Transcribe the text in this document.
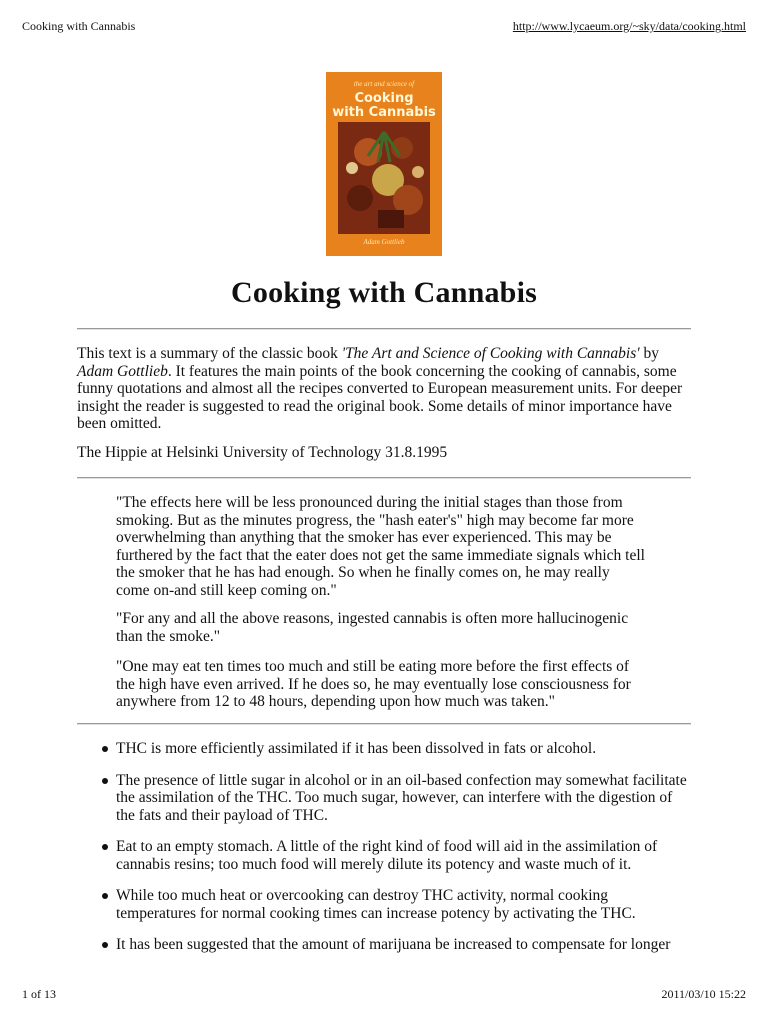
Cooking with Cannabis	http://www.lycaeum.org/~sky/data/cooking.html
the art and science of
Cooking
with Cannabis
Adam Gottlieb
Cooking with Cannabis

This text is a summary of the classic book 'The Art and Science of Cooking with Cannabis' by Adam Gottlieb. It features the main points of the book concerning the cooking of cannabis, some funny quotations and almost all the recipes converted to European measurement units. For deeper insight the reader is suggested to read the original book. Some details of minor importance have been omitted.

The Hippie at Helsinki University of Technology 31.8.1995

"The effects here will be less pronounced during the initial stages than those from smoking. But as the minutes progress, the "hash eater's" high may become far more overwhelming than anything that the smoker has ever experienced. This may be furthered by the fact that the eater does not get the same immediate signals which tell the smoker that he has had enough. So when he finally comes on, he may really come on-and still keep coming on."

"For any and all the above reasons, ingested cannabis is often more hallucinogenic than the smoke."

"One may eat ten times too much and still be eating more before the first effects of the high have even arrived. If he does so, he may eventually lose consciousness for anywhere from 12 to 48 hours, depending upon how much was taken."

THC is more efficiently assimilated if it has been dissolved in fats or alcohol.
The presence of little sugar in alcohol or in an oil-based confection may somewhat facilitate the assimilation of the THC. Too much sugar, however, can interfere with the digestion of the fats and their payload of THC.
Eat to an empty stomach. A little of the right kind of food will aid in the assimilation of cannabis resins; too much food will merely dilute its potency and waste much of it.
While too much heat or overcooking can destroy THC activity, normal cooking temperatures for normal cooking times can increase potency by activating the THC.
It has been suggested that the amount of marijuana be increased to compensate for longer
1 of 13	2011/03/10 15:22
